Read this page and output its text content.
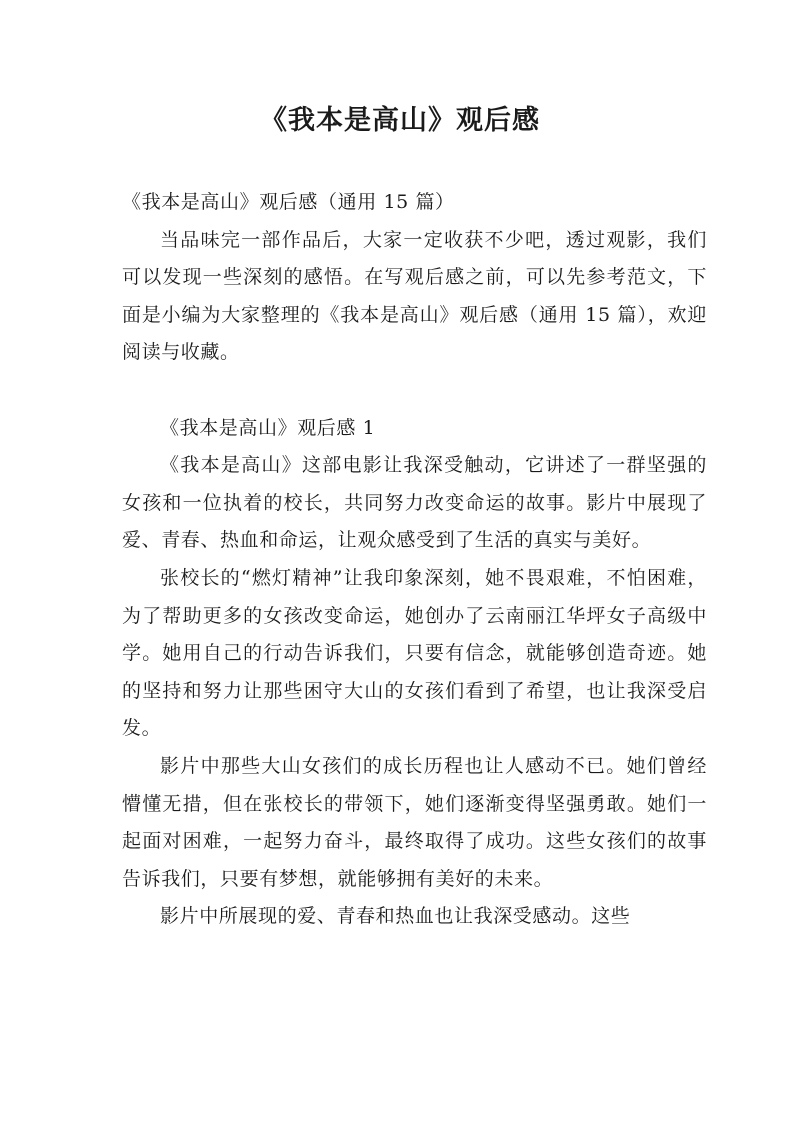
《我本是高山》观后感

《我本是高山》观后感（通用 15 篇）

当品味完一部作品后，大家一定收获不少吧，透过观影，我们可以发现一些深刻的感悟。在写观后感之前，可以先参考范文，下面是小编为大家整理的《我本是高山》观后感（通用 15 篇），欢迎阅读与收藏。

《我本是高山》观后感 1

《我本是高山》这部电影让我深受触动，它讲述了一群坚强的女孩和一位执着的校长，共同努力改变命运的故事。影片中展现了爱、青春、热血和命运，让观众感受到了生活的真实与美好。

张校长的“燃灯精神”让我印象深刻，她不畏艰难，不怕困难，为了帮助更多的女孩改变命运，她创办了云南丽江华坪女子高级中学。她用自己的行动告诉我们，只要有信念，就能够创造奇迹。她的坚持和努力让那些困守大山的女孩们看到了希望，也让我深受启发。

影片中那些大山女孩们的成长历程也让人感动不已。她们曾经懵懂无措，但在张校长的带领下，她们逐渐变得坚强勇敢。她们一起面对困难，一起努力奋斗，最终取得了成功。这些女孩们的故事告诉我们，只要有梦想，就能够拥有美好的未来。

影片中所展现的爱、青春和热血也让我深受感动。这些
